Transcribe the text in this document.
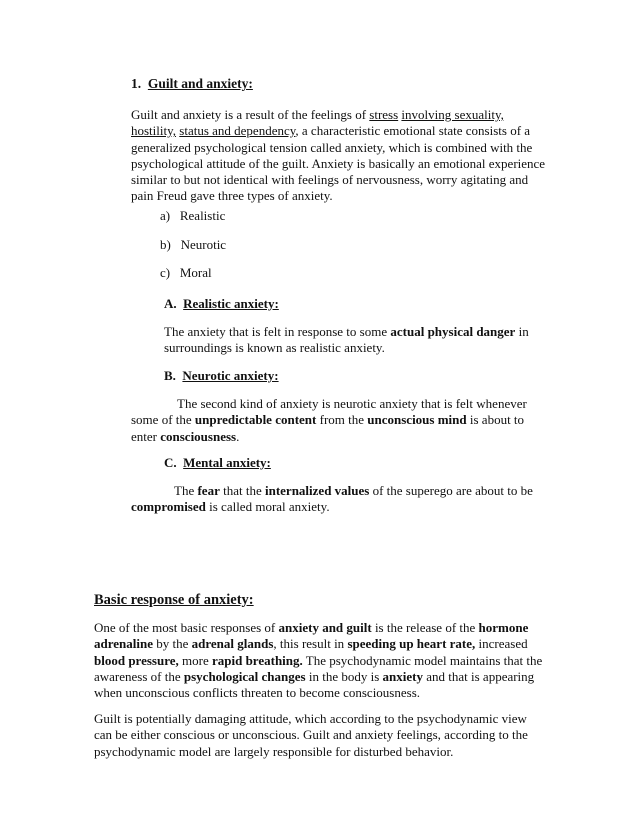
1. Guilt and anxiety:
Guilt and anxiety is a result of the feelings of stress involving sexuality, hostility, status and dependency, a characteristic emotional state consists of a generalized psychological tension called anxiety, which is combined with the psychological attitude of the guilt. Anxiety is basically an emotional experience similar to but not identical with feelings of nervousness, worry agitating and pain Freud gave three types of anxiety.
a) Realistic
b) Neurotic
c) Moral
A. Realistic anxiety:
The anxiety that is felt in response to some actual physical danger in surroundings is known as realistic anxiety.
B. Neurotic anxiety:
The second kind of anxiety is neurotic anxiety that is felt whenever some of the unpredictable content from the unconscious mind is about to enter consciousness.
C. Mental anxiety:
The fear that the internalized values of the superego are about to be compromised is called moral anxiety.
Basic response of anxiety:
One of the most basic responses of anxiety and guilt is the release of the hormone adrenaline by the adrenal glands, this result in speeding up heart rate, increased blood pressure, more rapid breathing. The psychodynamic model maintains that the awareness of the psychological changes in the body is anxiety and that is appearing when unconscious conflicts threaten to become consciousness.
Guilt is potentially damaging attitude, which according to the psychodynamic view can be either conscious or unconscious. Guilt and anxiety feelings, according to the psychodynamic model are largely responsible for disturbed behavior.
